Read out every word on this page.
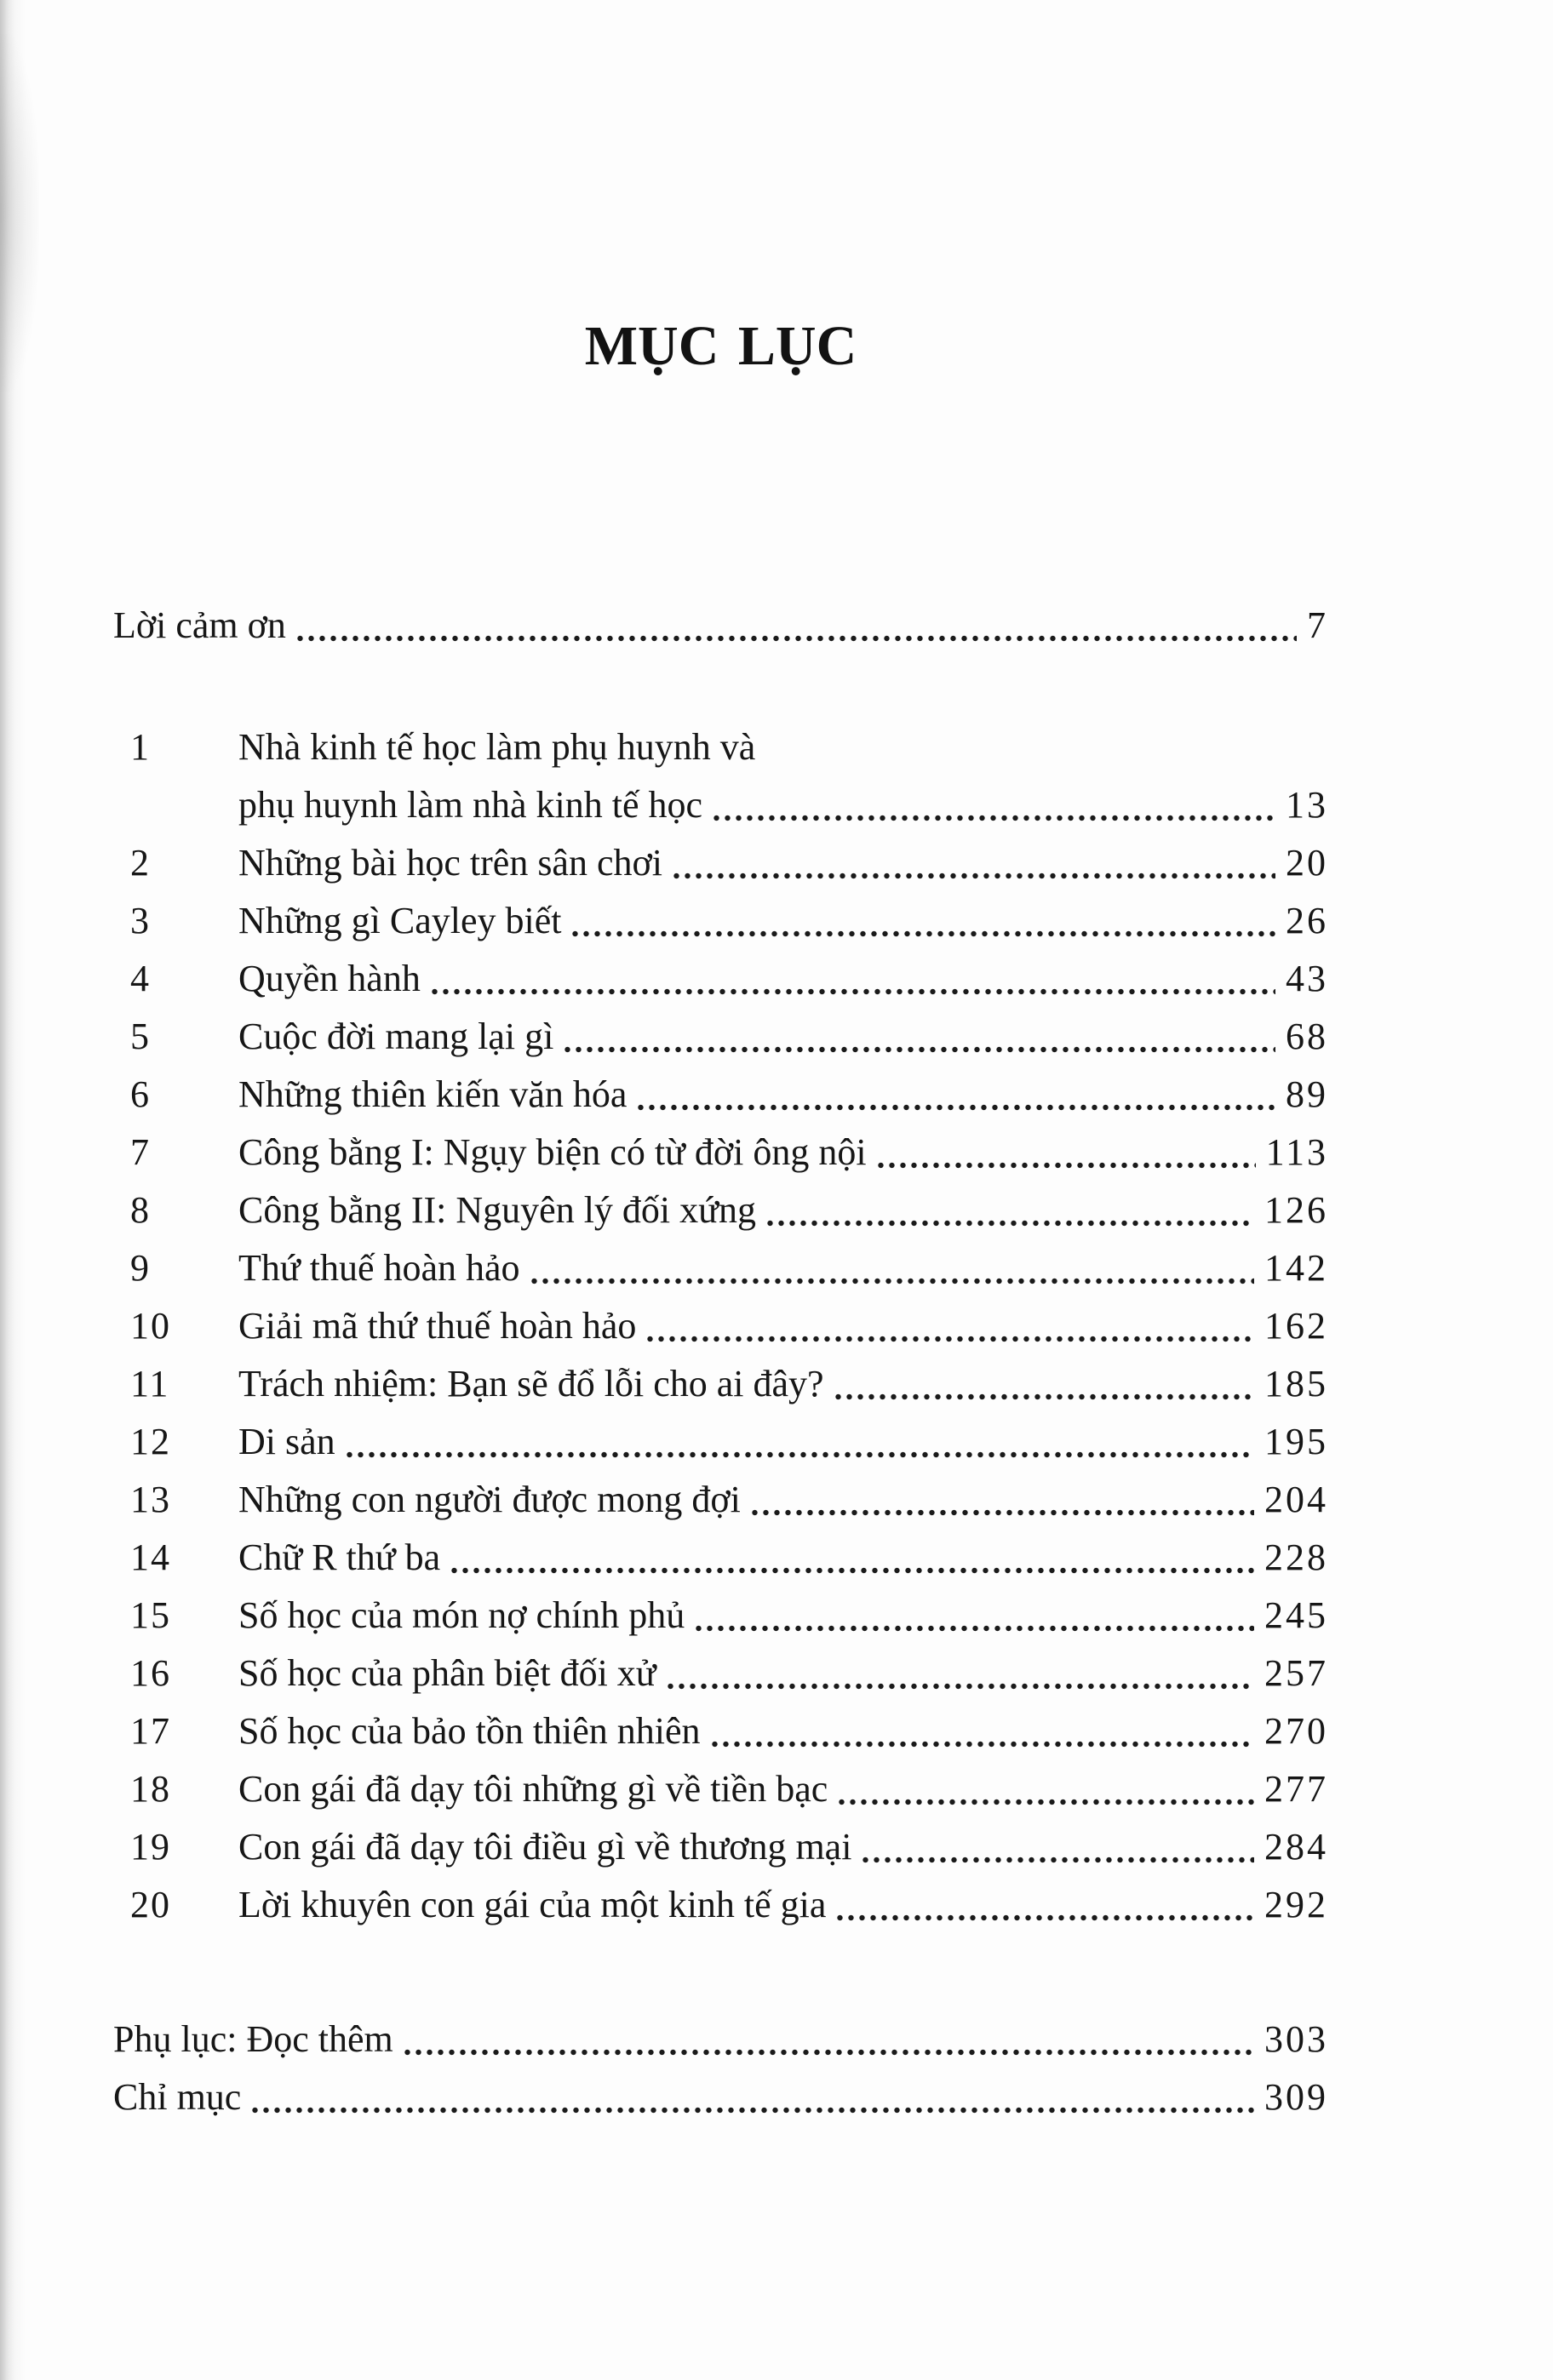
MỤC LỤC
Lời cảm ơn	7
1	Nhà kinh tế học làm phụ huynh và
phụ huynh làm nhà kinh tế học	13
2	Những bài học trên sân chơi	20
3	Những gì Cayley biết	26
4	Quyền hành	43
5	Cuộc đời mang lại gì	68
6	Những thiên kiến văn hóa	89
7	Công bằng I: Ngụy biện có từ đời ông nội	113
8	Công bằng II: Nguyên lý đối xứng	126
9	Thứ thuế hoàn hảo	142
10	Giải mã thứ thuế hoàn hảo	162
11	Trách nhiệm: Bạn sẽ đổ lỗi cho ai đây?	185
12	Di sản	195
13	Những con người được mong đợi	204
14	Chữ R thứ ba	228
15	Số học của món nợ chính phủ	245
16	Số học của phân biệt đối xử	257
17	Số học của bảo tồn thiên nhiên	270
18	Con gái đã dạy tôi những gì về tiền bạc	277
19	Con gái đã dạy tôi điều gì về thương mại	284
20	Lời khuyên con gái của một kinh tế gia	292
Phụ lục: Đọc thêm	303
Chỉ mục	309
